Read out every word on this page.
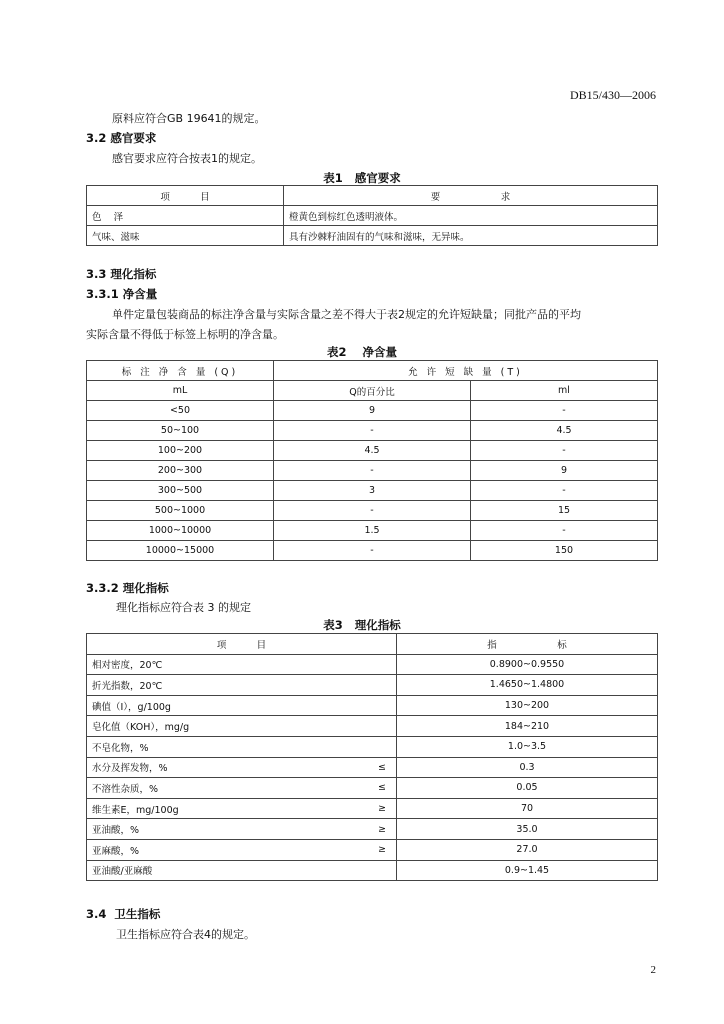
DB15/430—2006
原料应符合GB 19641的规定。
3.2 感官要求
感官要求应符合按表1的规定。
表1   感官要求
项          目	要                    求
色    泽	橙黄色到棕红色透明液体。
气味、滋味	具有沙棘籽油固有的气味和滋味，无异味。
3.3 理化指标
3.3.1 净含量
单件定量包装商品的标注净含量与实际含量之差不得大于表2规定的允许短缺量；同批产品的平均
实际含量不得低于标签上标明的净含量。
表2    净含量
标 注 净 含 量 (Q)	允 许 短 缺 量 (T)	
mL	Q的百分比	ml
<50	9	-
50~100	-	4.5
100~200	4.5	-
200~300	-	9
300~500	3	-
500~1000	-	15
1000~10000	1.5	-
10000~15000	-	150
3.3.2 理化指标
理化指标应符合表 3 的规定
表3   理化指标
项          目		指                    标
相对密度，20℃		0.8900~0.9550
折光指数，20℃		1.4650~1.4800
碘值（I），g/100g		130~200
皂化值（KOH），mg/g		184~210
不皂化物，%		1.0~3.5
水分及挥发物，%	≤	0.3
不溶性杂质，%	≤	0.05
维生素E，mg/100g	≥	70
亚油酸，%	≥	35.0
亚麻酸，%	≥	27.0
亚油酸/亚麻酸		0.9~1.45
3.4  卫生指标
卫生指标应符合表4的规定。
2
